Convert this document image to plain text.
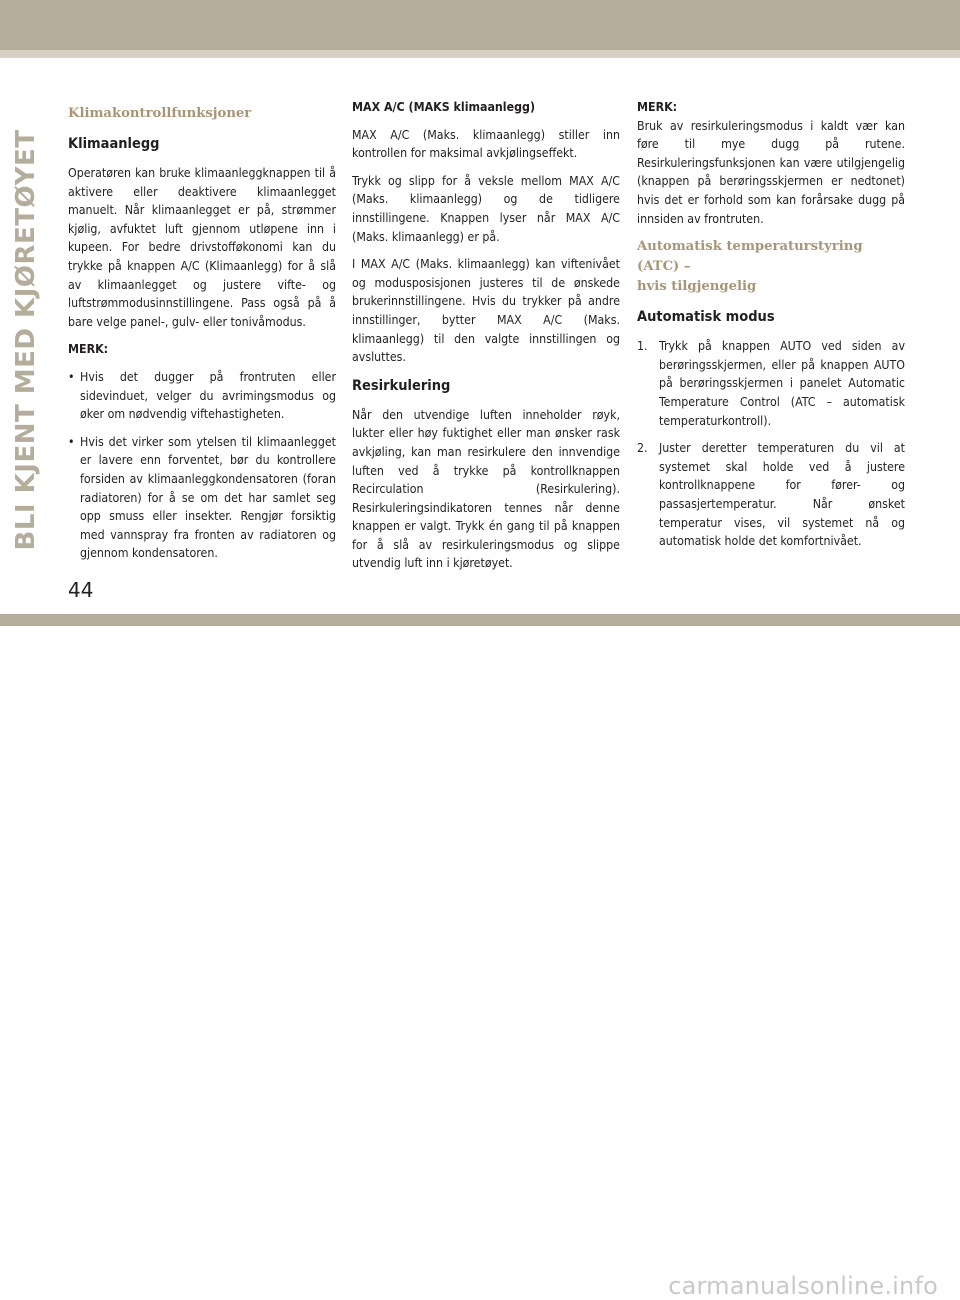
BLI KJENT MED KJØRETØYET
Klimakontrollfunksjoner
Klimaanlegg

Operatøren kan bruke klimaanleggknappen til å aktivere eller deaktivere klimaanlegget manuelt. Når klimaanlegget er på, strømmer kjølig, avfuktet luft gjennom utløpene inn i kupeen. For bedre drivstofføkonomi kan du trykke på knappen A/C (Klimaanlegg) for å slå av klimaanlegget og justere vifte- og luftstrømmodusinnstillingene. Pass også på å bare velge panel-, gulv- eller tonivåmodus.

MERK:
• Hvis det dugger på frontruten eller sidevinduet, velger du avrimingsmodus og øker om nødvendig viftehastigheten.
• Hvis det virker som ytelsen til klimaanlegget er lavere enn forventet, bør du kontrollere forsiden av klimaanleggkondensatoren (foran radiatoren) for å se om det har samlet seg opp smuss eller insekter. Rengjør forsiktig med vannspray fra fronten av radiatoren og gjennom kondensatoren.
MAX A/C (MAKS klimaanlegg)

MAX A/C (Maks. klimaanlegg) stiller inn kontrollen for maksimal avkjølingseffekt.

Trykk og slipp for å veksle mellom MAX A/C (Maks. klimaanlegg) og de tidligere innstillingene. Knappen lyser når MAX A/C (Maks. klimaanlegg) er på.

I MAX A/C (Maks. klimaanlegg) kan viftenivået og modusposisjonen justeres til de ønskede brukerinnstillingene. Hvis du trykker på andre innstillinger, bytter MAX A/C (Maks. klimaanlegg) til den valgte innstillingen og avsluttes.

Resirkulering

Når den utvendige luften inneholder røyk, lukter eller høy fuktighet eller man ønsker rask avkjøling, kan man resirkulere den innvendige luften ved å trykke på kontrollknappen Recirculation (Resirkulering). Resirkuleringsindikatoren tennes når denne knappen er valgt. Trykk én gang til på knappen for å slå av resirkuleringsmodus og slippe utvendig luft inn i kjøretøyet.

MERK:

Bruk av resirkuleringsmodus i kaldt vær kan føre til mye dugg på rutene. Resirkuleringsfunksjonen kan være utilgjengelig (knappen på berøringsskjermen er nedtonet) hvis det er forhold som kan forårsake dugg på innsiden av frontruten.

Automatisk temperaturstyring (ATC) –
hvis tilgjengelig
Automatisk modus
1. Trykk på knappen AUTO ved siden av berøringsskjermen, eller på knappen AUTO på berøringsskjermen i panelet Automatic Temperature Control (ATC – automatisk temperaturkontroll).
2. Juster deretter temperaturen du vil at systemet skal holde ved å justere kontrollknappene for fører- og passasjertemperatur. Når ønsket temperatur vises, vil systemet nå og automatisk holde det komfortnivået.
44
carmanualsonline.info
